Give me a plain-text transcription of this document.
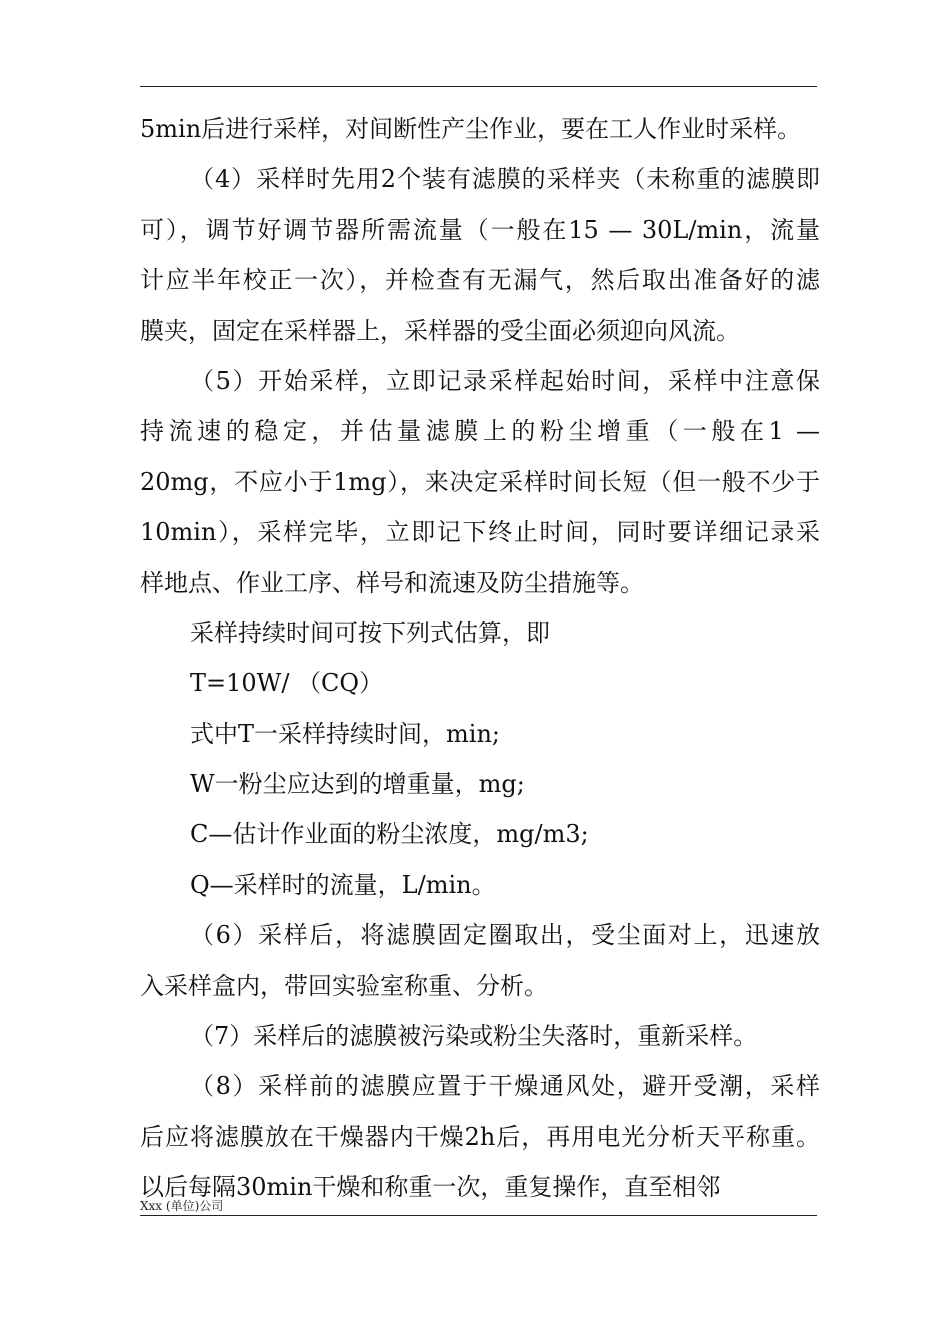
5min后进行采样，对间断性产尘作业，要在工人作业时采样。
（4）采样时先用2个装有滤膜的采样夹（未称重的滤膜即
可），调节好调节器所需流量（一般在15 — 30L/min，流量
计应半年校正一次），并检查有无漏气，然后取出准备好的滤
膜夹，固定在采样器上，采样器的受尘面必须迎向风流。
（5）开始采样，立即记录采样起始时间，采样中注意保
持流速的稳定，并估量滤膜上的粉尘增重（一般在1 —
20mg，不应小于1mg），来决定采样时间长短（但一般不少于
10min），采样完毕，立即记下终止时间，同时要详细记录采
样地点、作业工序、样号和流速及防尘措施等。
采样持续时间可按下列式估算，即
T=10W/ （CQ）
式中T一采样持续时间，min;
W一粉尘应达到的增重量，mg;
C—估计作业面的粉尘浓度，mg/m3;
Q—采样时的流量，L/min。
（6）采样后，将滤膜固定圈取出，受尘面对上，迅速放
入采样盒内，带回实验室称重、分析。
（7）采样后的滤膜被污染或粉尘失落时，重新采样。
（8）采样前的滤膜应置于干燥通风处，避开受潮，采样
后应将滤膜放在干燥器内干燥2h后，再用电光分析天平称重。
以后每隔30min干燥和称重一次，重复操作，直至相邻
Xxx (单位)公司
